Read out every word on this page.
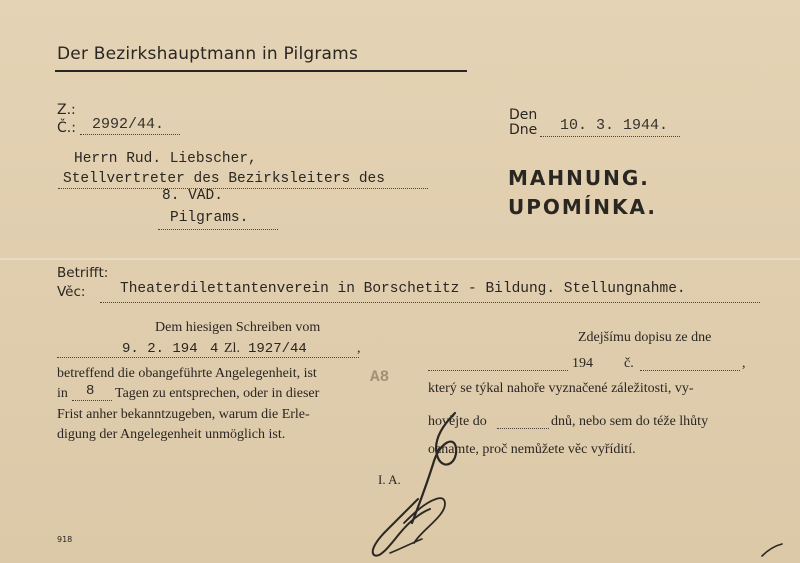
Der Bezirkshauptmann in Pilgrams
Z.:
Č.: 2992/44.
Den
Dne 10. 3. 1944.
Herrn Rud. Liebscher,
Stellvertreter des Bezirksleiters des
8. VAD.
Pilgrams.
MAHNUNG.
UPOMÍNKA.
Betrifft:
Věc: Theaterdilettantenverein in Borschetitz - Bildung. Stellungnahme.
Dem hiesigen Schreiben vom
9. 2. 194 4 Zl. 1927/44	,
betreffend die obangeführte Angelegenheit, ist
in 8 Tagen zu entsprechen, oder in dieser
Frist anher bekanntzugeben, warum die Erle-
digung der Angelegenheit unmöglich ist.
A8
Zdejšímu dopisu ze dne
194 č.	,
který se týkal nahoře vyznačené záležitosti, vy-
hovějte do	dnů, nebo sem do téže lhůty
oznamte, proč nemůžete věc vyřídití.
I. A.
918
